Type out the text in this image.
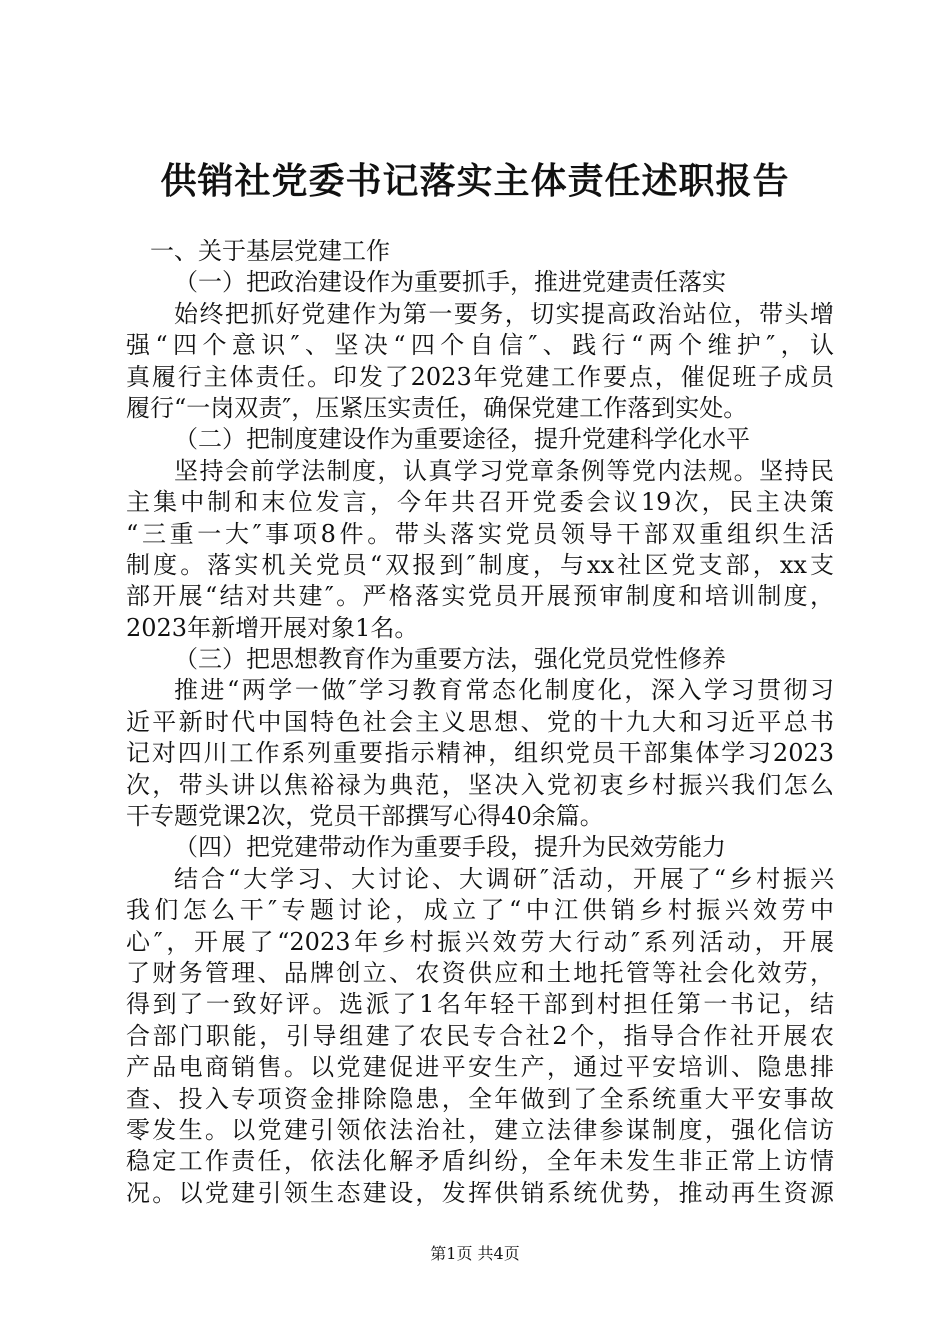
供销社党委书记落实主体责任述职报告
一、关于基层党建工作
（一）把政治建设作为重要抓手，推进党建责任落实
始终把抓好党建作为第一要务，切实提高政治站位，带头增
强“四个意识″、坚决“四个自信″、践行“两个维护″，认
真履行主体责任。印发了2023年党建工作要点，催促班子成员
履行“一岗双责″，压紧压实责任，确保党建工作落到实处。
（二）把制度建设作为重要途径，提升党建科学化水平
坚持会前学法制度，认真学习党章条例等党内法规。坚持民
主集中制和末位发言，今年共召开党委会议19次，民主决策
“三重一大″事项8件。带头落实党员领导干部双重组织生活
制度。落实机关党员“双报到″制度，与xx社区党支部，xx支
部开展“结对共建″。严格落实党员开展预审制度和培训制度，
2023年新增开展对象1名。
（三）把思想教育作为重要方法，强化党员党性修养
推进“两学一做″学习教育常态化制度化，深入学习贯彻习
近平新时代中国特色社会主义思想、党的十九大和习近平总书
记对四川工作系列重要指示精神，组织党员干部集体学习2023
次，带头讲以焦裕禄为典范，坚决入党初衷乡村振兴我们怎么
干专题党课2次，党员干部撰写心得40余篇。
（四）把党建带动作为重要手段，提升为民效劳能力
结合“大学习、大讨论、大调研″活动，开展了“乡村振兴
我们怎么干″专题讨论，成立了“中江供销乡村振兴效劳中
心″，开展了“2023年乡村振兴效劳大行动″系列活动，开展
了财务管理、品牌创立、农资供应和土地托管等社会化效劳，
得到了一致好评。选派了1名年轻干部到村担任第一书记，结
合部门职能，引导组建了农民专合社2个，指导合作社开展农
产品电商销售。以党建促进平安生产，通过平安培训、隐患排
查、投入专项资金排除隐患，全年做到了全系统重大平安事故
零发生。以党建引领依法治社，建立法律参谋制度，强化信访
稳定工作责任，依法化解矛盾纠纷，全年未发生非正常上访情
况。以党建引领生态建设，发挥供销系统优势，推动再生资源
第1页 共4页
